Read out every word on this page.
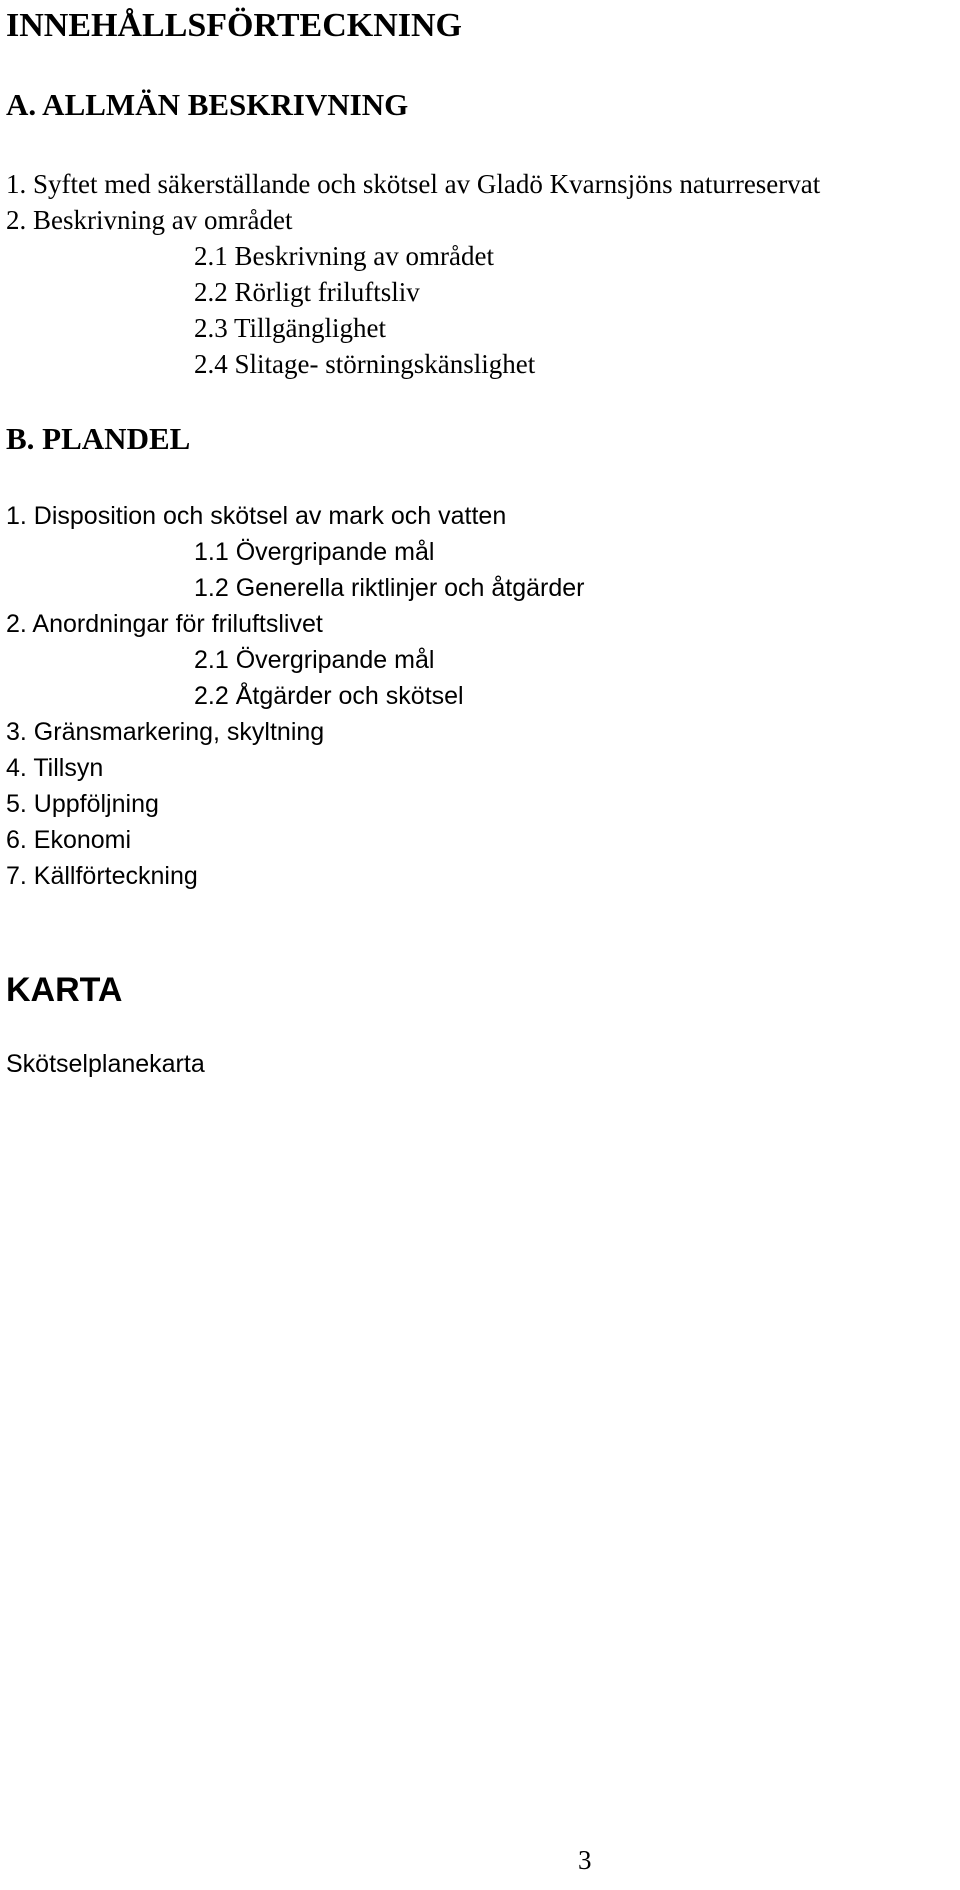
INNEHÅLLSFÖRTECKNING
A. ALLMÄN BESKRIVNING
1. Syftet med säkerställande och skötsel av Gladö Kvarnsjöns naturreservat
2. Beskrivning av området
2.1 Beskrivning av området
2.2 Rörligt friluftsliv
2.3 Tillgänglighet
2.4 Slitage- störningskänslighet
B. PLANDEL
1. Disposition och skötsel av mark och vatten
1.1 Övergripande mål
1.2 Generella riktlinjer och åtgärder
2. Anordningar för friluftslivet
2.1 Övergripande mål
2.2 Åtgärder och skötsel
3. Gränsmarkering, skyltning
4. Tillsyn
5. Uppföljning
6. Ekonomi
7. Källförteckning
KARTA
Skötselplanekarta
3
